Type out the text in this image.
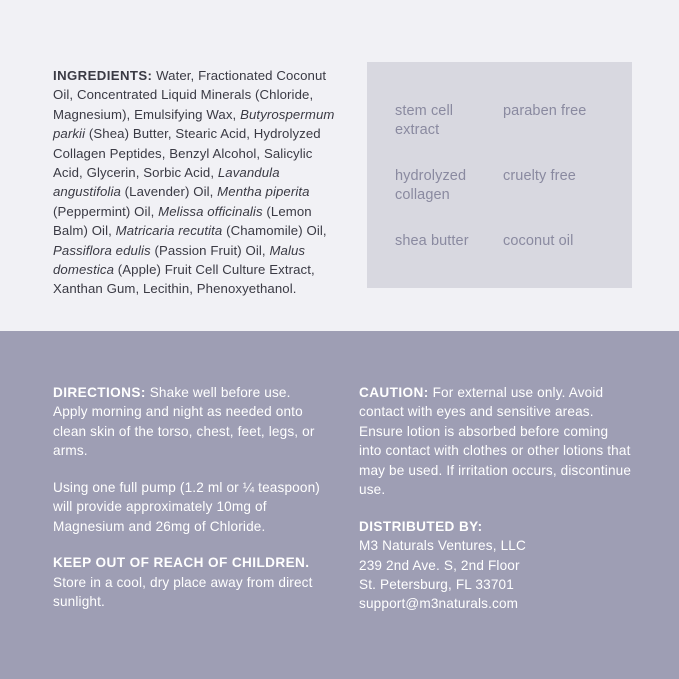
INGREDIENTS: Water, Fractionated Coconut Oil, Concentrated Liquid Minerals (Chloride, Magnesium), Emulsifying Wax, Butyrospermum parkii (Shea) Butter, Stearic Acid, Hydrolyzed Collagen Peptides, Benzyl Alcohol, Salicylic Acid, Glycerin, Sorbic Acid, Lavandula angustifolia (Lavender) Oil, Mentha piperita (Peppermint) Oil, Melissa officinalis (Lemon Balm) Oil, Matricaria recutita (Chamomile) Oil, Passiflora edulis (Passion Fruit) Oil, Malus domestica (Apple) Fruit Cell Culture Extract, Xanthan Gum, Lecithin, Phenoxyethanol.
stem cell extract
paraben free
hydrolyzed collagen
cruelty free
shea butter	coconut oil

DIRECTIONS: Shake well before use. Apply morning and night as needed onto clean skin of the torso, chest, feet, legs, or arms.

Using one full pump (1.2 ml or ¼ teaspoon) will provide approximately 10mg of Magnesium and 26mg of Chloride.

KEEP OUT OF REACH OF CHILDREN. Store in a cool, dry place away from direct sunlight.

CAUTION: For external use only. Avoid contact with eyes and sensitive areas. Ensure lotion is absorbed before coming into contact with clothes or other lotions that may be used. If irritation occurs, discontinue use.

DISTRIBUTED BY:
M3 Naturals Ventures, LLC
239 2nd Ave. S, 2nd Floor
St. Petersburg, FL 33701
support@m3naturals.com
